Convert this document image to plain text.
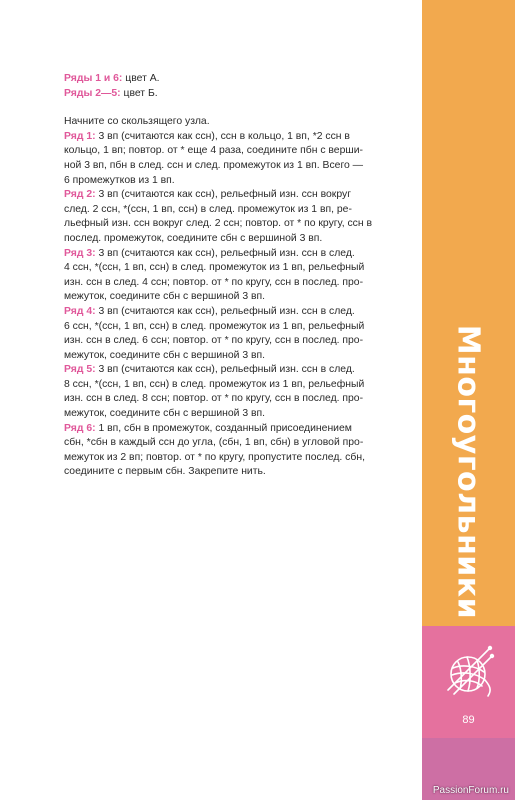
Ряды 1 и 6: цвет А.
Ряды 2—5: цвет Б.
Начните со скользящего узла.
Ряд 1: 3 вп (считаются как ссн), ссн в кольцо, 1 вп, *2 ссн в
кольцо, 1 вп; повтор. от * еще 4 раза, соедините пбн с верши-
ной 3 вп, пбн в след. ссн и след. промежуток из 1 вп. Всего —
6 промежутков из 1 вп.
Ряд 2: 3 вп (считаются как ссн), рельефный изн. ссн вокруг
след. 2 ссн, *(ссн, 1 вп, ссн) в след. промежуток из 1 вп, ре-
льефный изн. ссн вокруг след. 2 ссн; повтор. от * по кругу, ссн в
послед. промежуток, соедините сбн с вершиной 3 вп.
Ряд 3: 3 вп (считаются как ссн), рельефный изн. ссн в след.
4 ссн, *(ссн, 1 вп, ссн) в след. промежуток из 1 вп, рельефный
изн. ссн в след. 4 ссн; повтор. от * по кругу, ссн в послед. про-
межуток, соедините сбн с вершиной 3 вп.
Ряд 4: 3 вп (считаются как ссн), рельефный изн. ссн в след.
6 ссн, *(ссн, 1 вп, ссн) в след. промежуток из 1 вп, рельефный
изн. ссн в след. 6 ссн; повтор. от * по кругу, ссн в послед. про-
межуток, соедините сбн с вершиной 3 вп.
Ряд 5: 3 вп (считаются как ссн), рельефный изн. ссн в след.
8 ссн, *(ссн, 1 вп, ссн) в след. промежуток из 1 вп, рельефный
изн. ссн в след. 8 ссн; повтор. от * по кругу, ссн в послед. про-
межуток, соедините сбн с вершиной 3 вп.
Ряд 6: 1 вп, сбн в промежуток, созданный присоединением
сбн, *сбн в каждый ссн до угла, (сбн, 1 вп, сбн) в угловой про-
межуток из 2 вп; повтор. от * по кругу, пропустите послед. сбн,
соедините с первым сбн. Закрепите нить.	Многоугольники
89
PassionForum.ru
